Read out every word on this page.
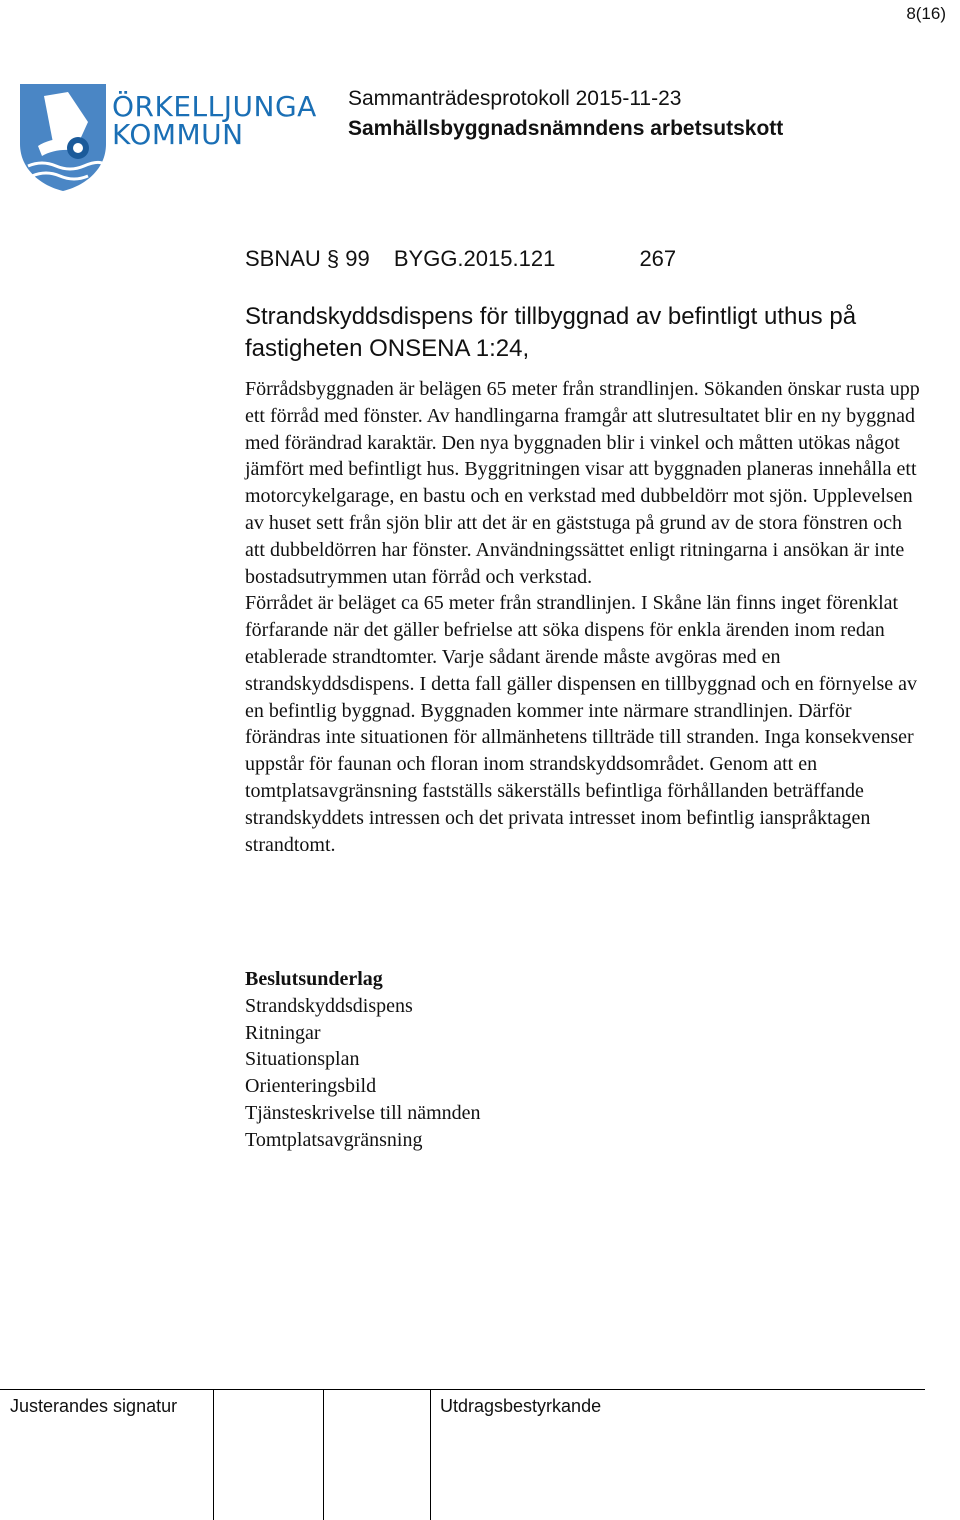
8(16)
ÖRKELLJUNGA
KOMMUN
Sammanträdesprotokoll 2015-11-23
Samhällsbyggnadsnämndens arbetsutskott
SBNAU § 99 BYGG.2015.121	267
Strandskyddsdispens för tillbyggnad av befintligt uthus på fastigheten ONSENA 1:24,

Förrådsbyggnaden är belägen 65 meter från strandlinjen. Sökanden önskar rusta upp ett förråd med fönster. Av handlingarna framgår att slutresultatet blir en ny byggnad med förändrad karaktär. Den nya byggnaden blir i vinkel och måtten utökas något jämfört med befintligt hus. Byggritningen visar att byggnaden planeras innehålla ett motorcykelgarage, en bastu och en verkstad med dubbeldörr mot sjön. Upplevelsen av huset sett från sjön blir att det är en gäststuga på grund av de stora fönstren och att dubbeldörren har fönster. Användningssättet enligt ritningarna i ansökan är inte bostadsutrymmen utan förråd och verkstad.

Förrådet är beläget ca 65 meter från strandlinjen. I Skåne län finns inget förenklat förfarande när det gäller befrielse att söka dispens för enkla ärenden inom redan etablerade strandtomter. Varje sådant ärende måste avgöras med en strandskyddsdispens. I detta fall gäller dispensen en tillbyggnad och en förnyelse av en befintlig byggnad. Byggnaden kommer inte närmare strandlinjen. Därför förändras inte situationen för allmänhetens tillträde till stranden. Inga konsekvenser uppstår för faunan och floran inom strandskyddsområdet. Genom att en tomtplatsavgränsning fastställs säkerställs befintliga förhållanden beträffande strandskyddets intressen och det privata intresset inom befintlig ianspråktagen strandtomt.

Beslutsunderlag
Strandskyddsdispens
Ritningar
Situationsplan
Orienteringsbild
Tjänsteskrivelse till nämnden
Tomtplatsavgränsning
Justerandes signatur	Utdragsbestyrkande
